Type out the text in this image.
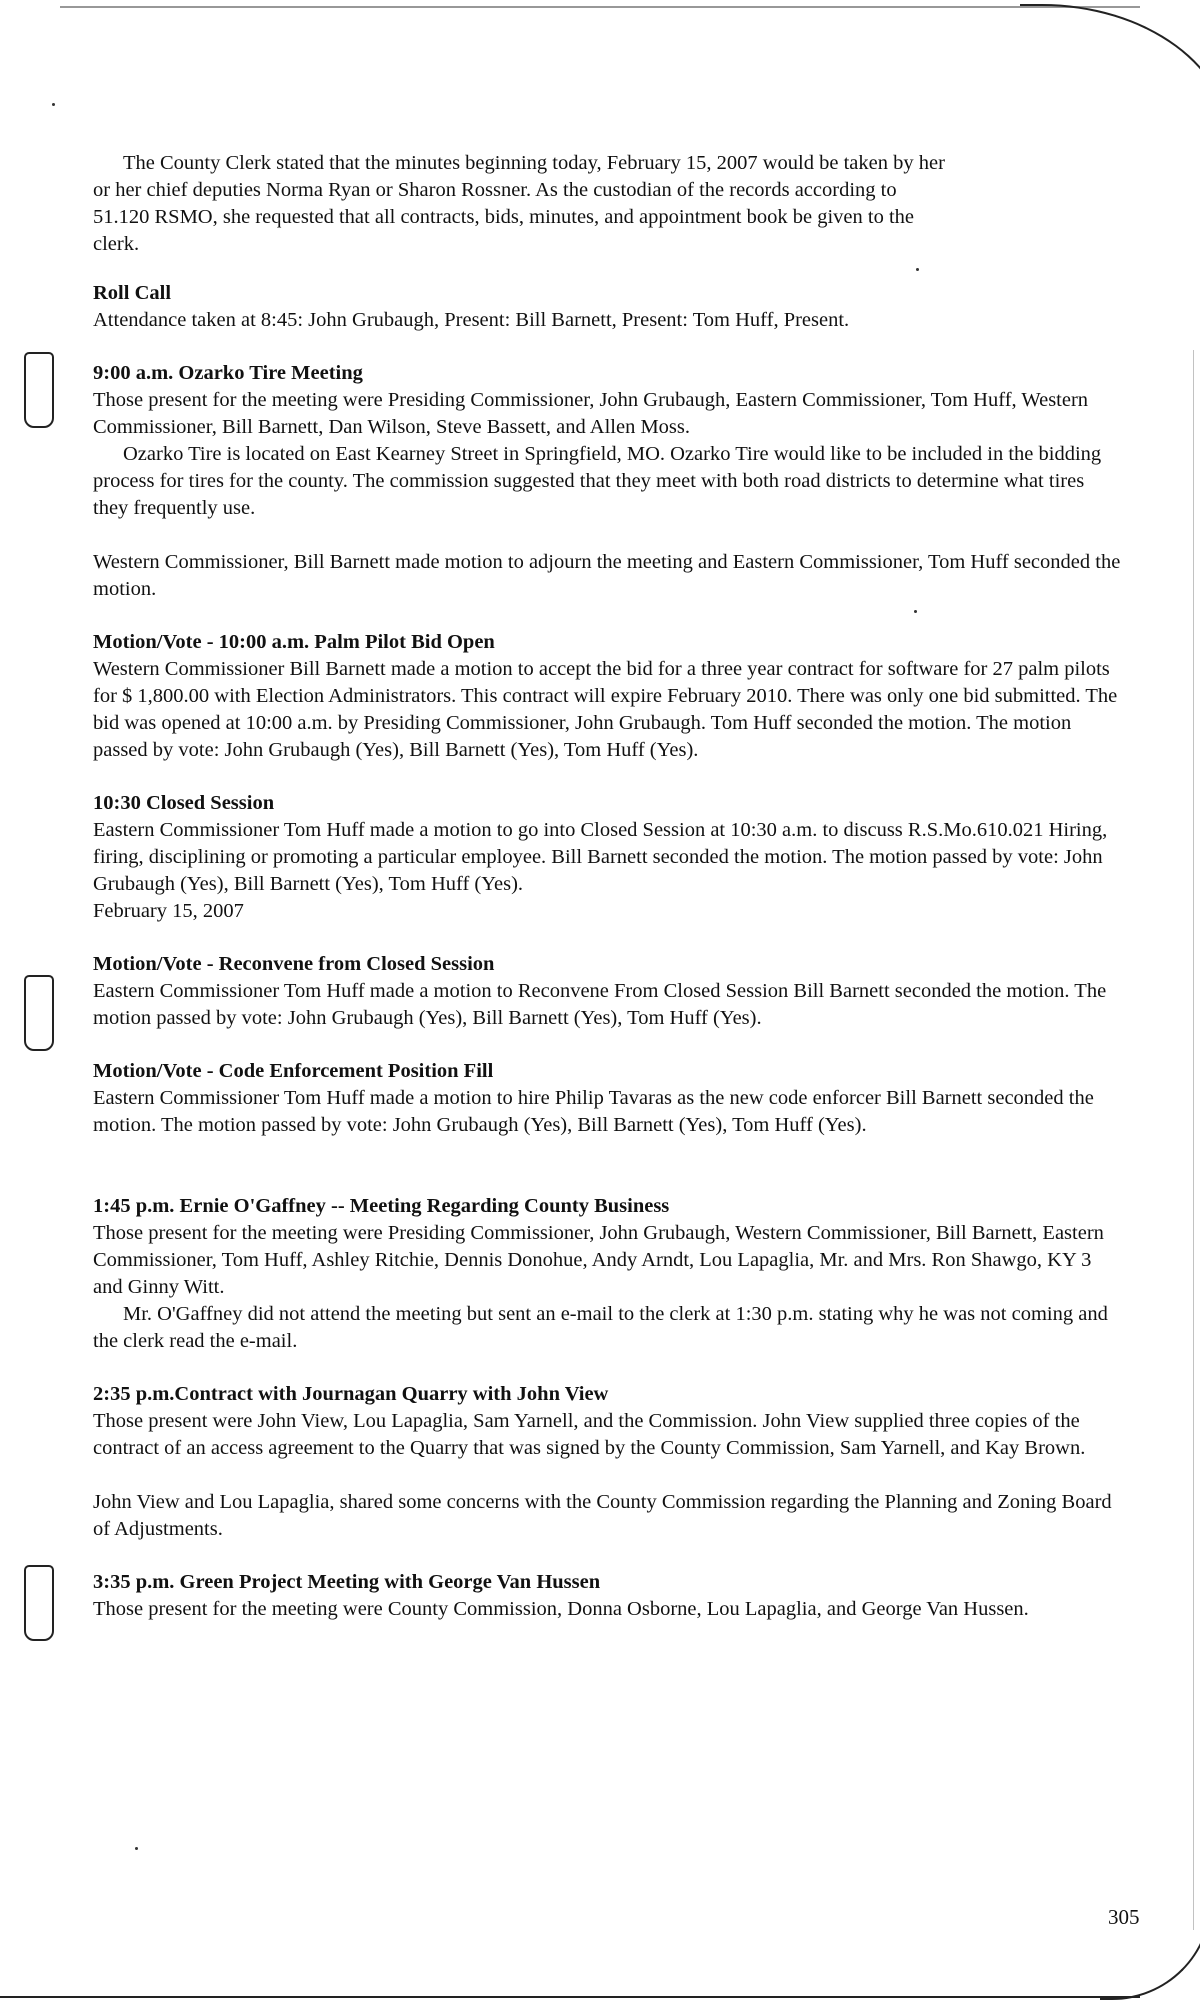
The County Clerk stated that the minutes beginning today, February 15, 2007 would be taken by her or her chief deputies Norma Ryan or Sharon Rossner. As the custodian of the records according to 51.120 RSMO, she requested that all contracts, bids, minutes, and appointment book be given to the clerk.

Roll Call

Attendance taken at 8:45: John Grubaugh, Present: Bill Barnett, Present: Tom Huff, Present.

9:00 a.m. Ozarko Tire Meeting

Those present for the meeting were Presiding Commissioner, John Grubaugh, Eastern Commissioner, Tom Huff, Western Commissioner, Bill Barnett, Dan Wilson, Steve Bassett, and Allen Moss.

Ozarko Tire is located on East Kearney Street in Springfield, MO. Ozarko Tire would like to be included in the bidding process for tires for the county. The commission suggested that they meet with both road districts to determine what tires they frequently use.

Western Commissioner, Bill Barnett made motion to adjourn the meeting and Eastern Commissioner, Tom Huff seconded the motion.

Motion/Vote - 10:00 a.m. Palm Pilot Bid Open

Western Commissioner Bill Barnett made a motion to accept the bid for a three year contract for software for 27 palm pilots for $ 1,800.00 with Election Administrators. This contract will expire February 2010. There was only one bid submitted. The bid was opened at 10:00 a.m. by Presiding Commissioner, John Grubaugh. Tom Huff seconded the motion. The motion passed by vote: John Grubaugh (Yes), Bill Barnett (Yes), Tom Huff (Yes).

10:30 Closed Session

Eastern Commissioner Tom Huff made a motion to go into Closed Session at 10:30 a.m. to discuss R.S.Mo.610.021 Hiring, firing, disciplining or promoting a particular employee. Bill Barnett seconded the motion. The motion passed by vote: John Grubaugh (Yes), Bill Barnett (Yes), Tom Huff (Yes).

February 15, 2007

Motion/Vote - Reconvene from Closed Session

Eastern Commissioner Tom Huff made a motion to Reconvene From Closed Session Bill Barnett seconded the motion. The motion passed by vote: John Grubaugh (Yes), Bill Barnett (Yes), Tom Huff (Yes).

Motion/Vote - Code Enforcement Position Fill

Eastern Commissioner Tom Huff made a motion to hire Philip Tavaras as the new code enforcer Bill Barnett seconded the motion. The motion passed by vote: John Grubaugh (Yes), Bill Barnett (Yes), Tom Huff (Yes).

1:45 p.m. Ernie O'Gaffney -- Meeting Regarding County Business

Those present for the meeting were Presiding Commissioner, John Grubaugh, Western Commissioner, Bill Barnett, Eastern Commissioner, Tom Huff, Ashley Ritchie, Dennis Donohue, Andy Arndt, Lou Lapaglia, Mr. and Mrs. Ron Shawgo, KY 3 and Ginny Witt.

Mr. O'Gaffney did not attend the meeting but sent an e-mail to the clerk at 1:30 p.m. stating why he was not coming and the clerk read the e-mail.

2:35 p.m.Contract with Journagan Quarry with John View

Those present were John View, Lou Lapaglia, Sam Yarnell, and the Commission. John View supplied three copies of the contract of an access agreement to the Quarry that was signed by the County Commission, Sam Yarnell, and Kay Brown.

John View and Lou Lapaglia, shared some concerns with the County Commission regarding the Planning and Zoning Board of Adjustments.

3:35 p.m. Green Project Meeting with George Van Hussen

Those present for the meeting were County Commission, Donna Osborne, Lou Lapaglia, and George Van Hussen.

305
